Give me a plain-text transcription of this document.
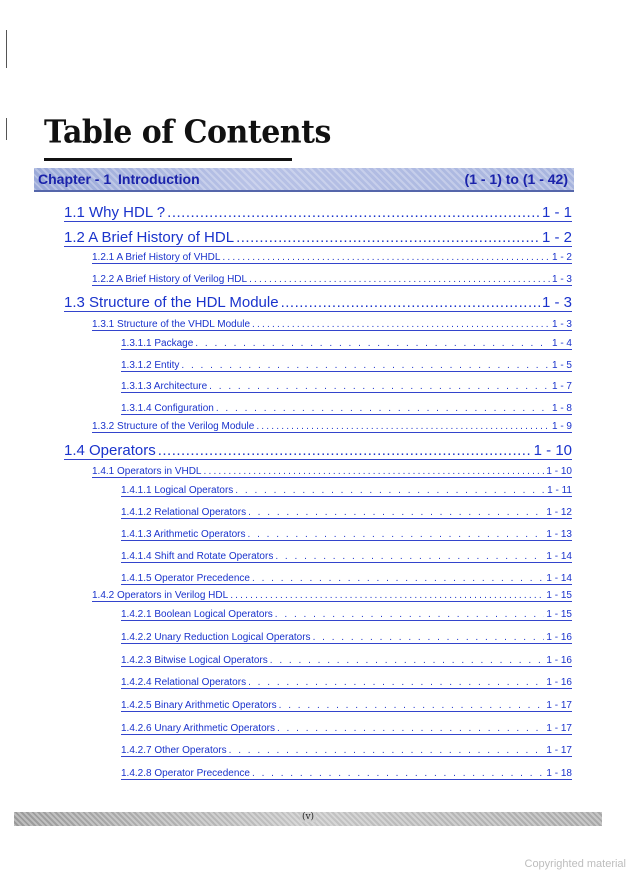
Table of Contents
Chapter - 1 Introduction	(1 - 1) to (1 - 42)
1.1 Why HDL ? .....	1 - 1
1.2 A Brief History of HDL .....	1 - 2
1.2.1 A Brief History of VHDL .....	1 - 2
1.2.2 A Brief History of Verilog HDL .....	1 - 3
1.3 Structure of the HDL Module .....	1 - 3
1.3.1 Structure of the VHDL Module .....	1 - 3
1.3.1.1 Package .....	1 - 4
1.3.1.2 Entity .....	1 - 5
1.3.1.3 Architecture .....	1 - 7
1.3.1.4 Configuration .....	1 - 8
1.3.2 Structure of the Verilog Module .....	1 - 9
1.4 Operators .....	1 - 10
1.4.1 Operators in VHDL .....	1 - 10
1.4.1.1 Logical Operators .....	1 - 11
1.4.1.2 Relational Operators .....	1 - 12
1.4.1.3 Arithmetic Operators .....	1 - 13
1.4.1.4 Shift and Rotate Operators .....	1 - 14
1.4.1.5 Operator Precedence .....	1 - 14
1.4.2 Operators in Verilog HDL .....	1 - 15
1.4.2.1 Boolean Logical Operators .....	1 - 15
1.4.2.2 Unary Reduction Logical Operators .....	1 - 16
1.4.2.3 Bitwise Logical Operators .....	1 - 16
1.4.2.4 Relational Operators .....	1 - 16
1.4.2.5 Binary Arithmetic Operators .....	1 - 17
1.4.2.6 Unary Arithmetic Operators .....	1 - 17
1.4.2.7 Other Operators .....	1 - 17
1.4.2.8 Operator Precedence .....	1 - 18
(v)
Copyrighted material
